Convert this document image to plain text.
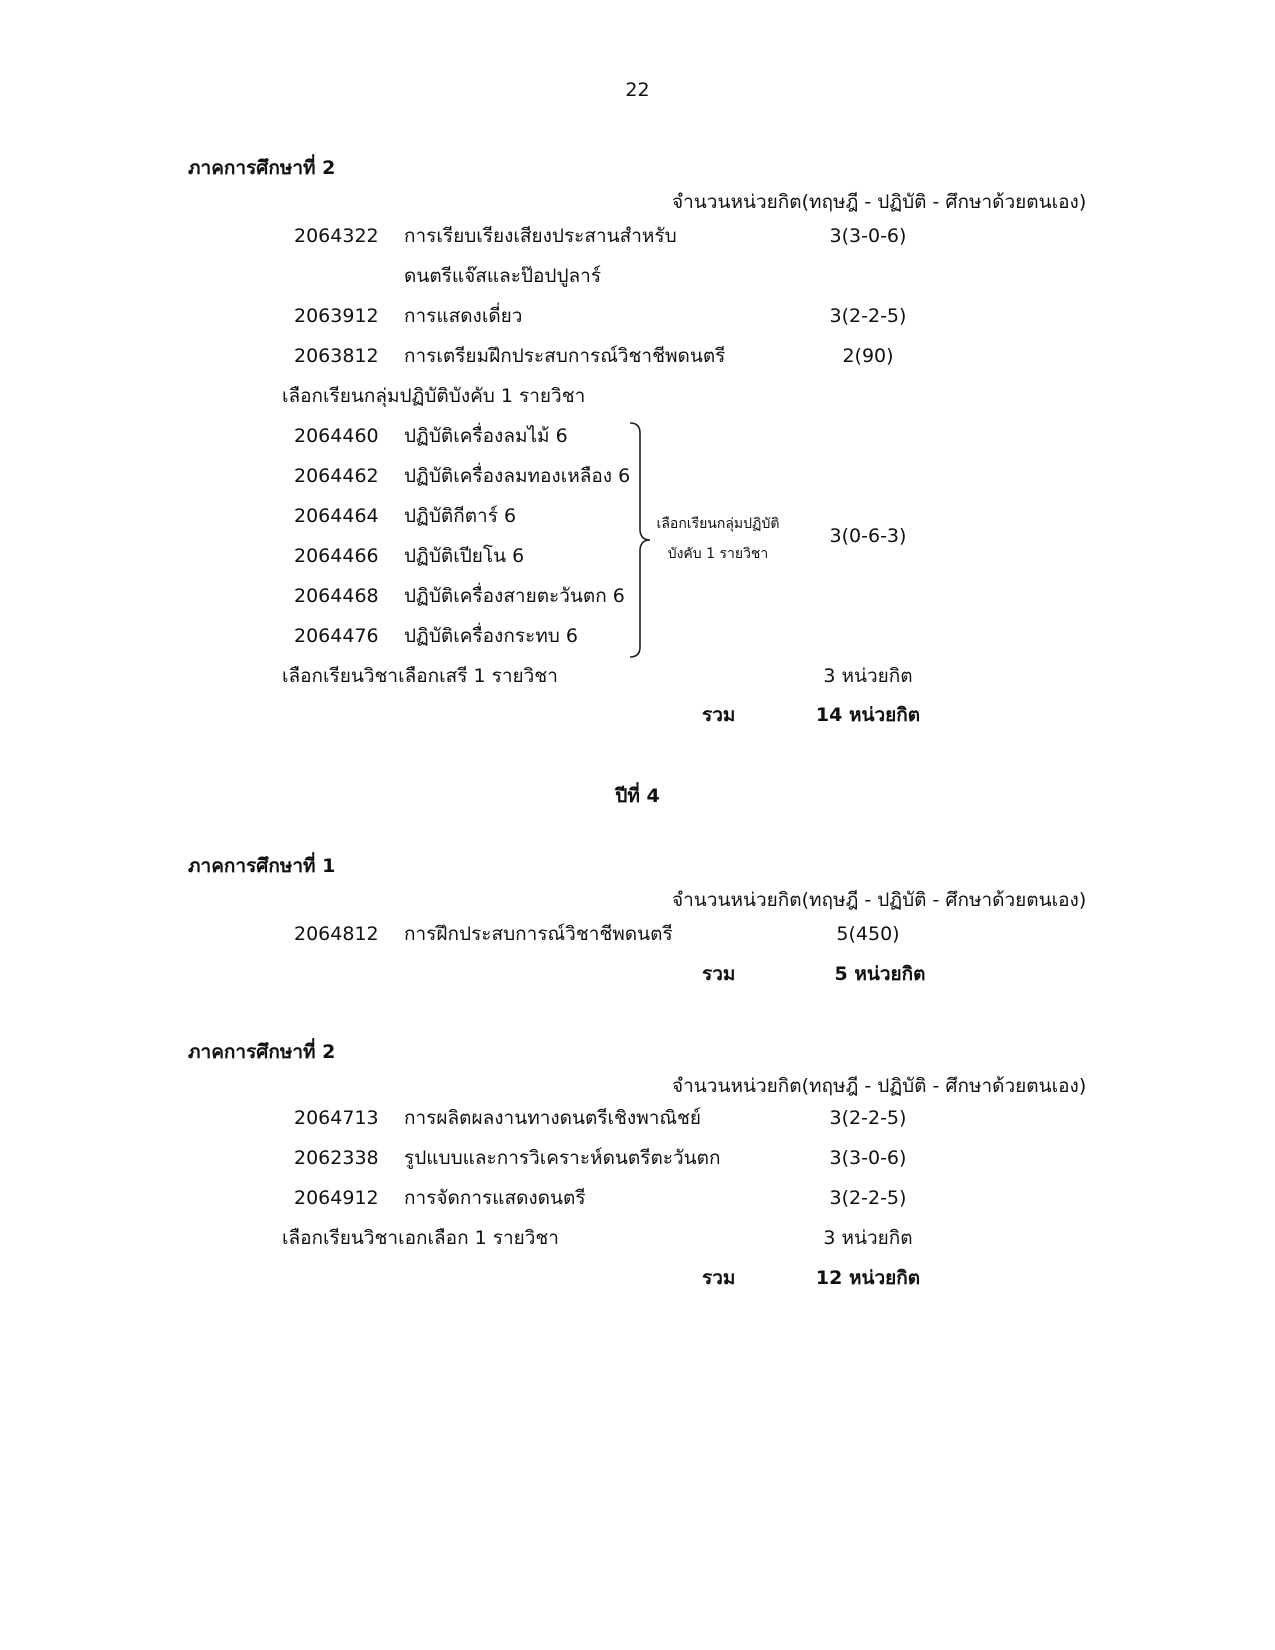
22
ภาคการศึกษาที่ 2
จำนวนหน่วยกิต(ทฤษฎี - ปฏิบัติ - ศึกษาด้วยตนเอง)
2064322 การเรียบเรียงเสียงประสานสำหรับ	3(3-0-6)
ดนตรีแจ๊สและป๊อปปูลาร์
2063912 การแสดงเดี่ยว	3(2-2-5)
2063812 การเตรียมฝึกประสบการณ์วิชาชีพดนตรี	2(90)
เลือกเรียนกลุ่มปฏิบัติบังคับ 1 รายวิชา
2064460 ปฏิบัติเครื่องลมไม้ 6
2064462 ปฏิบัติเครื่องลมทองเหลือง 6
2064464 ปฏิบัติกีตาร์ 6
2064466 ปฏิบัติเปียโน 6
2064468 ปฏิบัติเครื่องสายตะวันตก 6
2064476 ปฏิบัติเครื่องกระทบ 6
เลือกเรียนกลุ่มปฏิบัติ
บังคับ 1 รายวิชา
3(0-6-3)
เลือกเรียนวิชาเลือกเสรี 1 รายวิชา	3 หน่วยกิต
รวม	14 หน่วยกิต
ปีที่ 4
ภาคการศึกษาที่ 1
จำนวนหน่วยกิต(ทฤษฎี - ปฏิบัติ - ศึกษาด้วยตนเอง)
2064812 การฝึกประสบการณ์วิชาชีพดนตรี	5(450)
รวม	5 หน่วยกิต
ภาคการศึกษาที่ 2
จำนวนหน่วยกิต(ทฤษฎี - ปฏิบัติ - ศึกษาด้วยตนเอง)
2064713 การผลิตผลงานทางดนตรีเชิงพาณิชย์	3(2-2-5)
2062338 รูปแบบและการวิเคราะห์ดนตรีตะวันตก	3(3-0-6)
2064912 การจัดการแสดงดนตรี	3(2-2-5)
เลือกเรียนวิชาเอกเลือก 1 รายวิชา	3 หน่วยกิต
รวม	12 หน่วยกิต
